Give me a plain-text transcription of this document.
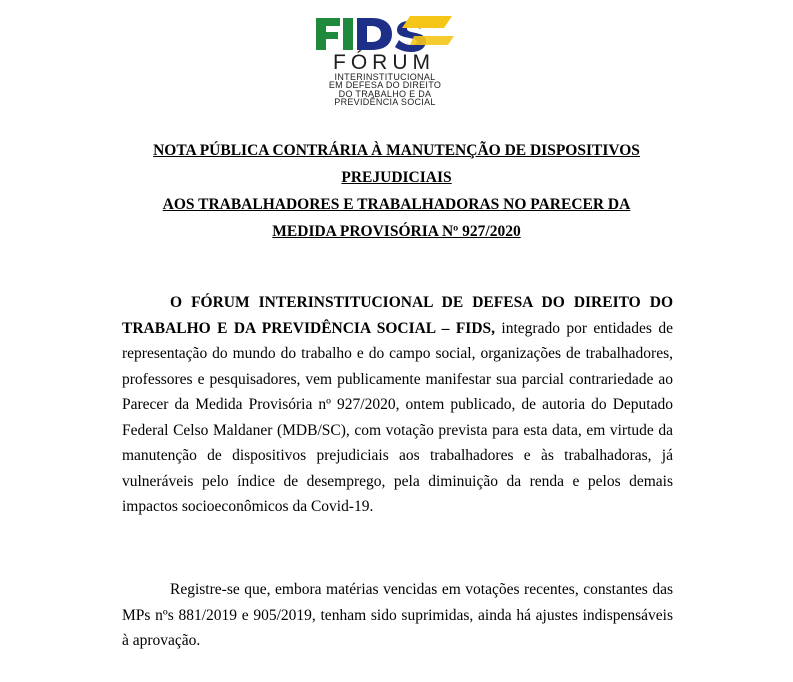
FÓRUM
INTERINSTITUCIONAL
EM DEFESA DO DIREITO
DO TRABALHO E DA
PREVIDÊNCIA SOCIAL
NOTA PÚBLICA CONTRÁRIA À MANUTENÇÃO DE DISPOSITIVOS
PREJUDICIAIS
AOS TRABALHADORES E TRABALHADORAS NO PARECER DA
MEDIDA PROVISÓRIA Nº 927/2020

O FÓRUM INTERINSTITUCIONAL DE DEFESA DO DIREITO DO TRABALHO E DA PREVIDÊNCIA SOCIAL – FIDS, integrado por entidades de representação do mundo do trabalho e do campo social, organizações de trabalhadores, professores e pesquisadores, vem publicamente manifestar sua parcial contrariedade ao Parecer da Medida Provisória nº 927/2020, ontem publicado, de autoria do Deputado Federal Celso Maldaner (MDB/SC), com votação prevista para esta data, em virtude da manutenção de dispositivos prejudiciais aos trabalhadores e às trabalhadoras, já vulneráveis pelo índice de desemprego, pela diminuição da renda e pelos demais impactos socioeconômicos da Covid-19.

Registre-se que, embora matérias vencidas em votações recentes, constantes das MPs nºs 881/2019 e 905/2019, tenham sido suprimidas, ainda há ajustes indispensáveis à aprovação.
